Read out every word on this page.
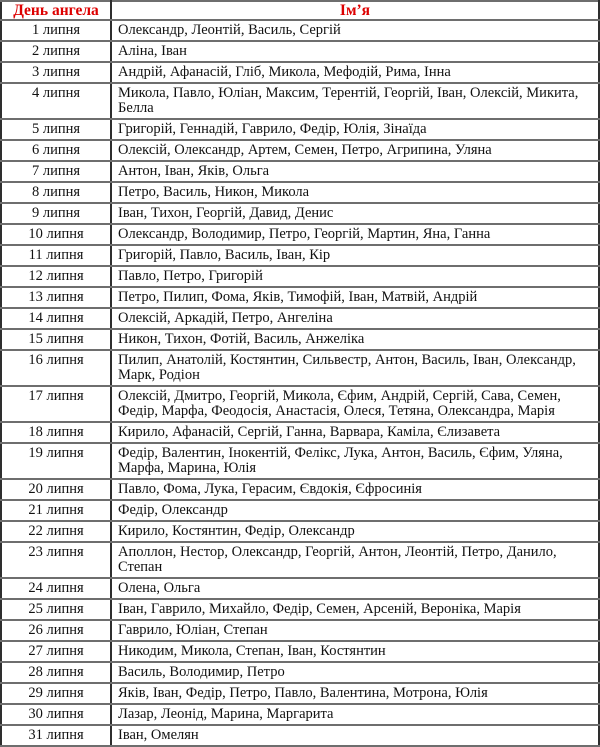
День ангела	Ім’я
1 липня	Олександр, Леонтій, Василь, Сергій
2 липня	Аліна, Іван
3 липня	Андрій, Афанасій, Гліб, Микола, Мефодій, Рима, Інна
4 липня	Микола, Павло, Юліан, Максим, Терентій, Георгій, Іван, Олексій, Микита, Белла
5 липня	Григорій, Геннадій, Гаврило, Федір, Юлія, Зінаїда
6 липня	Олексій, Олександр, Артем, Семен, Петро, Агрипина, Уляна
7 липня	Антон, Іван, Яків, Ольга
8 липня	Петро, Василь, Никон, Микола
9 липня	Іван, Тихон, Георгій, Давид, Денис
10 липня	Олександр, Володимир, Петро, Георгій, Мартин, Яна, Ганна
11 липня	Григорій, Павло, Василь, Іван, Кір
12 липня	Павло, Петро, Григорій
13 липня	Петро, Пилип, Фома, Яків, Тимофій, Іван, Матвій, Андрій
14 липня	Олексій, Аркадій, Петро, Ангеліна
15 липня	Никон, Тихон, Фотій, Василь, Анжеліка
16 липня	Пилип, Анатолій, Костянтин, Сильвестр, Антон, Василь, Іван, Олександр, Марк, Родіон
17 липня	Олексій, Дмитро, Георгій, Микола, Єфим, Андрій, Сергій, Сава, Семен, Федір, Марфа, Феодосія, Анастасія, Олеся, Тетяна, Олександра, Марія
18 липня	Кирило, Афанасій, Сергій, Ганна, Варвара, Каміла, Єлизавета
19 липня	Федір, Валентин, Інокентій, Фелікс, Лука, Антон, Василь, Єфим, Уляна, Марфа, Марина, Юлія
20 липня	Павло, Фома, Лука, Герасим, Євдокія, Єфросинія
21 липня	Федір, Олександр
22 липня	Кирило, Костянтин, Федір, Олександр
23 липня	Аполлон, Нестор, Олександр, Георгій, Антон, Леонтій, Петро, Данило, Степан
24 липня	Олена, Ольга
25 липня	Іван, Гаврило, Михайло, Федір, Семен, Арсеній, Вероніка, Марія
26 липня	Гаврило, Юліан, Степан
27 липня	Никодим, Микола, Степан, Іван, Костянтин
28 липня	Василь, Володимир, Петро
29 липня	Яків, Іван, Федір, Петро, Павло, Валентина, Мотрона, Юлія
30 липня	Лазар, Леонід, Марина, Маргарита
31 липня	Іван, Омелян
